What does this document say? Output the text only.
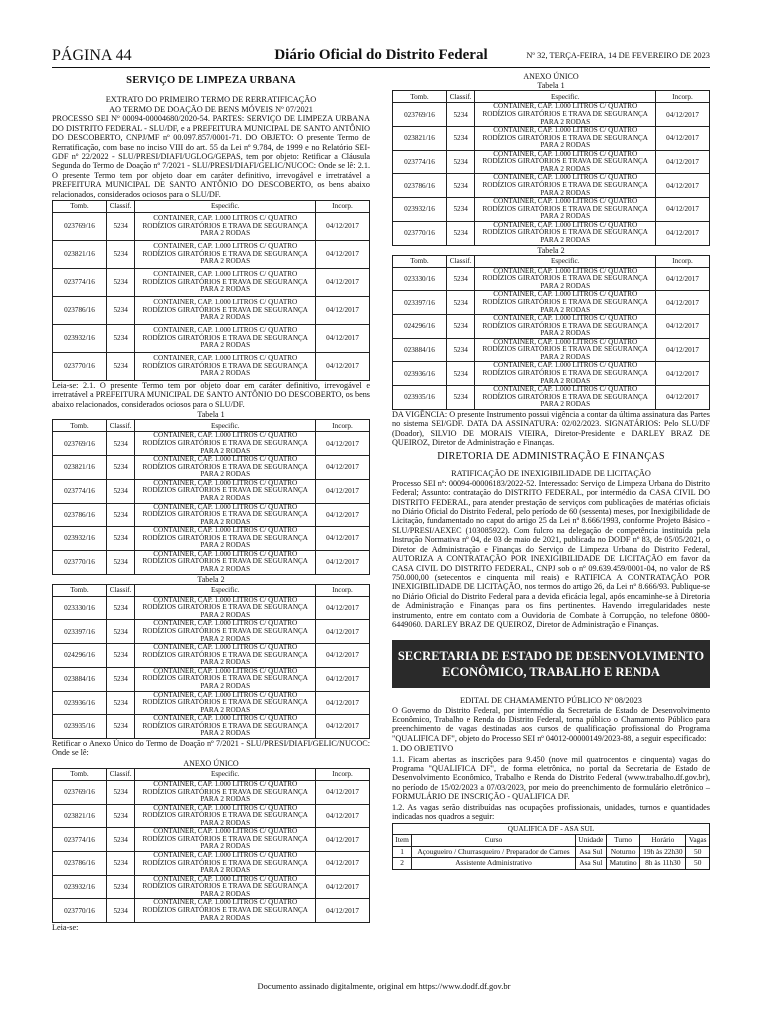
PÁGINA 44	Diário Oficial do Distrito Federal	Nº 32, TERÇA-FEIRA, 14 DE FEVEREIRO DE 2023
SERVIÇO DE LIMPEZA URBANA

EXTRATO DO PRIMEIRO TERMO DE RERRATIFICAÇÃO

AO TERMO DE DOAÇÃO DE BENS MÓVEIS Nº 07/2021

PROCESSO SEI Nº 00094-00004680/2020-54. PARTES: SERVIÇO DE LIMPEZA URBANA DO DISTRITO FEDERAL - SLU/DF, e a PREFEITURA MUNICIPAL DE SANTO ANTÔNIO DO DESCOBERTO, CNPJ/MF nº 00.097.857/0001-71. DO OBJETO: O presente Termo de Rerratificação, com base no inciso VIII do art. 55 da Lei nº 9.784, de 1999 e no Relatório SEI-GDF nº 22/2022 - SLU/PRESI/DIAFI/UGLOG/GEPAS, tem por objeto: Retificar a Cláusula Segunda do Termo de Doação nº 7/2021 - SLU/PRESI/DIAFI/GELIC/NUCOC: Onde se lê: 2.1. O presente Termo tem por objeto doar em caráter definitivo, irrevogável e irretratável a PREFEITURA MUNICIPAL DE SANTO ANTÔNIO DO DESCOBERTO, os bens abaixo relacionados, considerados ociosos para o SLU/DF.

Tomb.	Classif.	Especific.	Incorp.
023769/16	5234	CONTAINER, CAP. 1.000 LITROS C/ QUATRO RODÍZIOS GIRATÓRIOS E TRAVA DE SEGURANÇA PARA 2 RODAS	04/12/2017
023821/16	5234	CONTAINER, CAP. 1.000 LITROS C/ QUATRO RODÍZIOS GIRATÓRIOS E TRAVA DE SEGURANÇA PARA 2 RODAS	04/12/2017
023774/16	5234	CONTAINER, CAP. 1.000 LITROS C/ QUATRO RODÍZIOS GIRATÓRIOS E TRAVA DE SEGURANÇA PARA 2 RODAS	04/12/2017
023786/16	5234	CONTAINER, CAP. 1.000 LITROS C/ QUATRO RODÍZIOS GIRATÓRIOS E TRAVA DE SEGURANÇA PARA 2 RODAS	04/12/2017
023932/16	5234	CONTAINER, CAP. 1.000 LITROS C/ QUATRO RODÍZIOS GIRATÓRIOS E TRAVA DE SEGURANÇA PARA 2 RODAS	04/12/2017
023770/16	5234	CONTAINER, CAP. 1.000 LITROS C/ QUATRO RODÍZIOS GIRATÓRIOS E TRAVA DE SEGURANÇA PARA 2 RODAS	04/12/2017

Leia-se: 2.1. O presente Termo tem por objeto doar em caráter definitivo, irrevogável e irretratável a PREFEITURA MUNICIPAL DE SANTO ANTÔNIO DO DESCOBERTO, os bens abaixo relacionados, considerados ociosos para o SLU/DF.

Tabela 1

Tomb.	Classif.	Especific.	Incorp.
023769/16	5234	CONTAINER, CAP. 1.000 LITROS C/ QUATRO RODÍZIOS GIRATÓRIOS E TRAVA DE SEGURANÇA PARA 2 RODAS	04/12/2017
023821/16	5234	CONTAINER, CAP. 1.000 LITROS C/ QUATRO RODÍZIOS GIRATÓRIOS E TRAVA DE SEGURANÇA PARA 2 RODAS	04/12/2017
023774/16	5234	CONTAINER, CAP. 1.000 LITROS C/ QUATRO RODÍZIOS GIRATÓRIOS E TRAVA DE SEGURANÇA PARA 2 RODAS	04/12/2017
023786/16	5234	CONTAINER, CAP. 1.000 LITROS C/ QUATRO RODÍZIOS GIRATÓRIOS E TRAVA DE SEGURANÇA PARA 2 RODAS	04/12/2017
023932/16	5234	CONTAINER, CAP. 1.000 LITROS C/ QUATRO RODÍZIOS GIRATÓRIOS E TRAVA DE SEGURANÇA PARA 2 RODAS	04/12/2017
023770/16	5234	CONTAINER, CAP. 1.000 LITROS C/ QUATRO RODÍZIOS GIRATÓRIOS E TRAVA DE SEGURANÇA PARA 2 RODAS	04/12/2017

Tabela 2

Tomb.	Classif.	Especific.	Incorp.
023330/16	5234	CONTAINER, CAP. 1.000 LITROS C/ QUATRO RODÍZIOS GIRATÓRIOS E TRAVA DE SEGURANÇA PARA 2 RODAS	04/12/2017
023397/16	5234	CONTAINER, CAP. 1.000 LITROS C/ QUATRO RODÍZIOS GIRATÓRIOS E TRAVA DE SEGURANÇA PARA 2 RODAS	04/12/2017
024296/16	5234	CONTAINER, CAP. 1.000 LITROS C/ QUATRO RODÍZIOS GIRATÓRIOS E TRAVA DE SEGURANÇA PARA 2 RODAS	04/12/2017
023884/16	5234	CONTAINER, CAP. 1.000 LITROS C/ QUATRO RODÍZIOS GIRATÓRIOS E TRAVA DE SEGURANÇA PARA 2 RODAS	04/12/2017
023936/16	5234	CONTAINER, CAP. 1.000 LITROS C/ QUATRO RODÍZIOS GIRATÓRIOS E TRAVA DE SEGURANÇA PARA 2 RODAS	04/12/2017
023935/16	5234	CONTAINER, CAP. 1.000 LITROS C/ QUATRO RODÍZIOS GIRATÓRIOS E TRAVA DE SEGURANÇA PARA 2 RODAS	04/12/2017

Retificar o Anexo Único do Termo de Doação nº 7/2021 - SLU/PRESI/DIAFI/GELIC/NUCOC: Onde se lê:

ANEXO ÚNICO

Tomb.	Classif.	Especific.	Incorp.
023769/16	5234	CONTAINER, CAP. 1.000 LITROS C/ QUATRO RODÍZIOS GIRATÓRIOS E TRAVA DE SEGURANÇA PARA 2 RODAS	04/12/2017
023821/16	5234	CONTAINER, CAP. 1.000 LITROS C/ QUATRO RODÍZIOS GIRATÓRIOS E TRAVA DE SEGURANÇA PARA 2 RODAS	04/12/2017
023774/16	5234	CONTAINER, CAP. 1.000 LITROS C/ QUATRO RODÍZIOS GIRATÓRIOS E TRAVA DE SEGURANÇA PARA 2 RODAS	04/12/2017
023786/16	5234	CONTAINER, CAP. 1.000 LITROS C/ QUATRO RODÍZIOS GIRATÓRIOS E TRAVA DE SEGURANÇA PARA 2 RODAS	04/12/2017
023932/16	5234	CONTAINER, CAP. 1.000 LITROS C/ QUATRO RODÍZIOS GIRATÓRIOS E TRAVA DE SEGURANÇA PARA 2 RODAS	04/12/2017
023770/16	5234	CONTAINER, CAP. 1.000 LITROS C/ QUATRO RODÍZIOS GIRATÓRIOS E TRAVA DE SEGURANÇA PARA 2 RODAS	04/12/2017

Leia-se:

ANEXO ÚNICO

Tabela 1

Tomb.	Classif.	Especific.	Incorp.
023769/16	5234	CONTAINER, CAP. 1.000 LITROS C/ QUATRO RODÍZIOS GIRATÓRIOS E TRAVA DE SEGURANÇA PARA 2 RODAS	04/12/2017
023821/16	5234	CONTAINER, CAP. 1.000 LITROS C/ QUATRO RODÍZIOS GIRATÓRIOS E TRAVA DE SEGURANÇA PARA 2 RODAS	04/12/2017
023774/16	5234	CONTAINER, CAP. 1.000 LITROS C/ QUATRO RODÍZIOS GIRATÓRIOS E TRAVA DE SEGURANÇA PARA 2 RODAS	04/12/2017
023786/16	5234	CONTAINER, CAP. 1.000 LITROS C/ QUATRO RODÍZIOS GIRATÓRIOS E TRAVA DE SEGURANÇA PARA 2 RODAS	04/12/2017
023932/16	5234	CONTAINER, CAP. 1.000 LITROS C/ QUATRO RODÍZIOS GIRATÓRIOS E TRAVA DE SEGURANÇA PARA 2 RODAS	04/12/2017
023770/16	5234	CONTAINER, CAP. 1.000 LITROS C/ QUATRO RODÍZIOS GIRATÓRIOS E TRAVA DE SEGURANÇA PARA 2 RODAS	04/12/2017

Tabela 2

Tomb.	Classif.	Especific.	Incorp.
023330/16	5234	CONTAINER, CAP. 1.000 LITROS C/ QUATRO RODÍZIOS GIRATÓRIOS E TRAVA DE SEGURANÇA PARA 2 RODAS	04/12/2017
023397/16	5234	CONTAINER, CAP. 1.000 LITROS C/ QUATRO RODÍZIOS GIRATÓRIOS E TRAVA DE SEGURANÇA PARA 2 RODAS	04/12/2017
024296/16	5234	CONTAINER, CAP. 1.000 LITROS C/ QUATRO RODÍZIOS GIRATÓRIOS E TRAVA DE SEGURANÇA PARA 2 RODAS	04/12/2017
023884/16	5234	CONTAINER, CAP. 1.000 LITROS C/ QUATRO RODÍZIOS GIRATÓRIOS E TRAVA DE SEGURANÇA PARA 2 RODAS	04/12/2017
023936/16	5234	CONTAINER, CAP. 1.000 LITROS C/ QUATRO RODÍZIOS GIRATÓRIOS E TRAVA DE SEGURANÇA PARA 2 RODAS	04/12/2017
023935/16	5234	CONTAINER, CAP. 1.000 LITROS C/ QUATRO RODÍZIOS GIRATÓRIOS E TRAVA DE SEGURANÇA PARA 2 RODAS	04/12/2017

DA VIGÊNCIA: O presente Instrumento possui vigência a contar da última assinatura das Partes no sistema SEI/GDF. DATA DA ASSINATURA: 02/02/2023. SIGNATÁRIOS: Pelo SLU/DF (Doador), SILVIO DE MORAIS VIEIRA, Diretor-Presidente e DARLEY BRAZ DE QUEIROZ, Diretor de Administração e Finanças.

DIRETORIA DE ADMINISTRAÇÃO E FINANÇAS

RATIFICAÇÃO DE INEXIGIBILIDADE DE LICITAÇÃO

Processo SEI nº: 00094-00006183/2022-52. Interessado: Serviço de Limpeza Urbana do Distrito Federal; Assunto: contratação do DISTRITO FEDERAL, por intermédio da CASA CIVIL DO DISTRITO FEDERAL, para atender prestação de serviços com publicações de matérias oficiais no Diário Oficial do Distrito Federal, pelo período de 60 (sessenta) meses, por Inexigibilidade de Licitação, fundamentado no caput do artigo 25 da Lei nº 8.666/1993, conforme Projeto Básico - SLU/PRESI/AEXEC (103085922). Com fulcro na delegação de competência instituída pela Instrução Normativa nº 04, de 03 de maio de 2021, publicada no DODF nº 83, de 05/05/2021, o Diretor de Administração e Finanças do Serviço de Limpeza Urbana do Distrito Federal, AUTORIZA A CONTRATAÇÃO POR INEXIGIBILIDADE DE LICITAÇÃO em favor da CASA CIVIL DO DISTRITO FEDERAL, CNPJ sob o nº 09.639.459/0001-04, no valor de R$ 750.000,00 (setecentos e cinquenta mil reais) e RATIFICA A CONTRATAÇÃO POR INEXIGIBILIDADE DE LICITAÇÃO, nos termos do artigo 26, da Lei nº 8.666/93. Publique-se no Diário Oficial do Distrito Federal para a devida eficácia legal, após encaminhe-se à Diretoria de Administração e Finanças para os fins pertinentes. Havendo irregularidades neste instrumento, entre em contato com a Ouvidoria de Combate à Corrupção, no telefone 0800-6449060. DARLEY BRAZ DE QUEIROZ, Diretor de Administração e Finanças.

SECRETARIA DE ESTADO DE DESENVOLVIMENTO ECONÔMICO, TRABALHO E RENDA

EDITAL DE CHAMAMENTO PÚBLICO Nº 08/2023

O Governo do Distrito Federal, por intermédio da Secretaria de Estado de Desenvolvimento Econômico, Trabalho e Renda do Distrito Federal, torna público o Chamamento Público para preenchimento de vagas destinadas aos cursos de qualificação profissional do Programa "QUALIFICA DF", objeto do Processo SEI nº 04012-00000149/2023-88, a seguir especificado:

1. DO OBJETIVO

1.1. Ficam abertas as inscrições para 9.450 (nove mil quatrocentos e cinquenta) vagas do Programa "QUALIFICA DF", de forma eletrônica, no portal da Secretaria de Estado de Desenvolvimento Econômico, Trabalho e Renda do Distrito Federal (www.trabalho.df.gov.br), no período de 15/02/2023 a 07/03/2023, por meio do preenchimento de formulário eletrônico – FORMULÁRIO DE INSCRIÇÃO - QUALIFICA DF.

1.2. As vagas serão distribuídas nas ocupações profissionais, unidades, turnos e quantidades indicadas nos quadros a seguir:

QUALIFICA DF - ASA SUL					
Item	Curso	Unidade	Turno	Horário	Vagas
1	Açougueiro / Churrasqueiro / Preparador de Carnes	Asa Sul	Noturno	19h às 22h30	50
2	Assistente Administrativo	Asa Sul	Matutino	8h às 11h30	50
Documento assinado digitalmente, original em https://www.dodf.df.gov.br
